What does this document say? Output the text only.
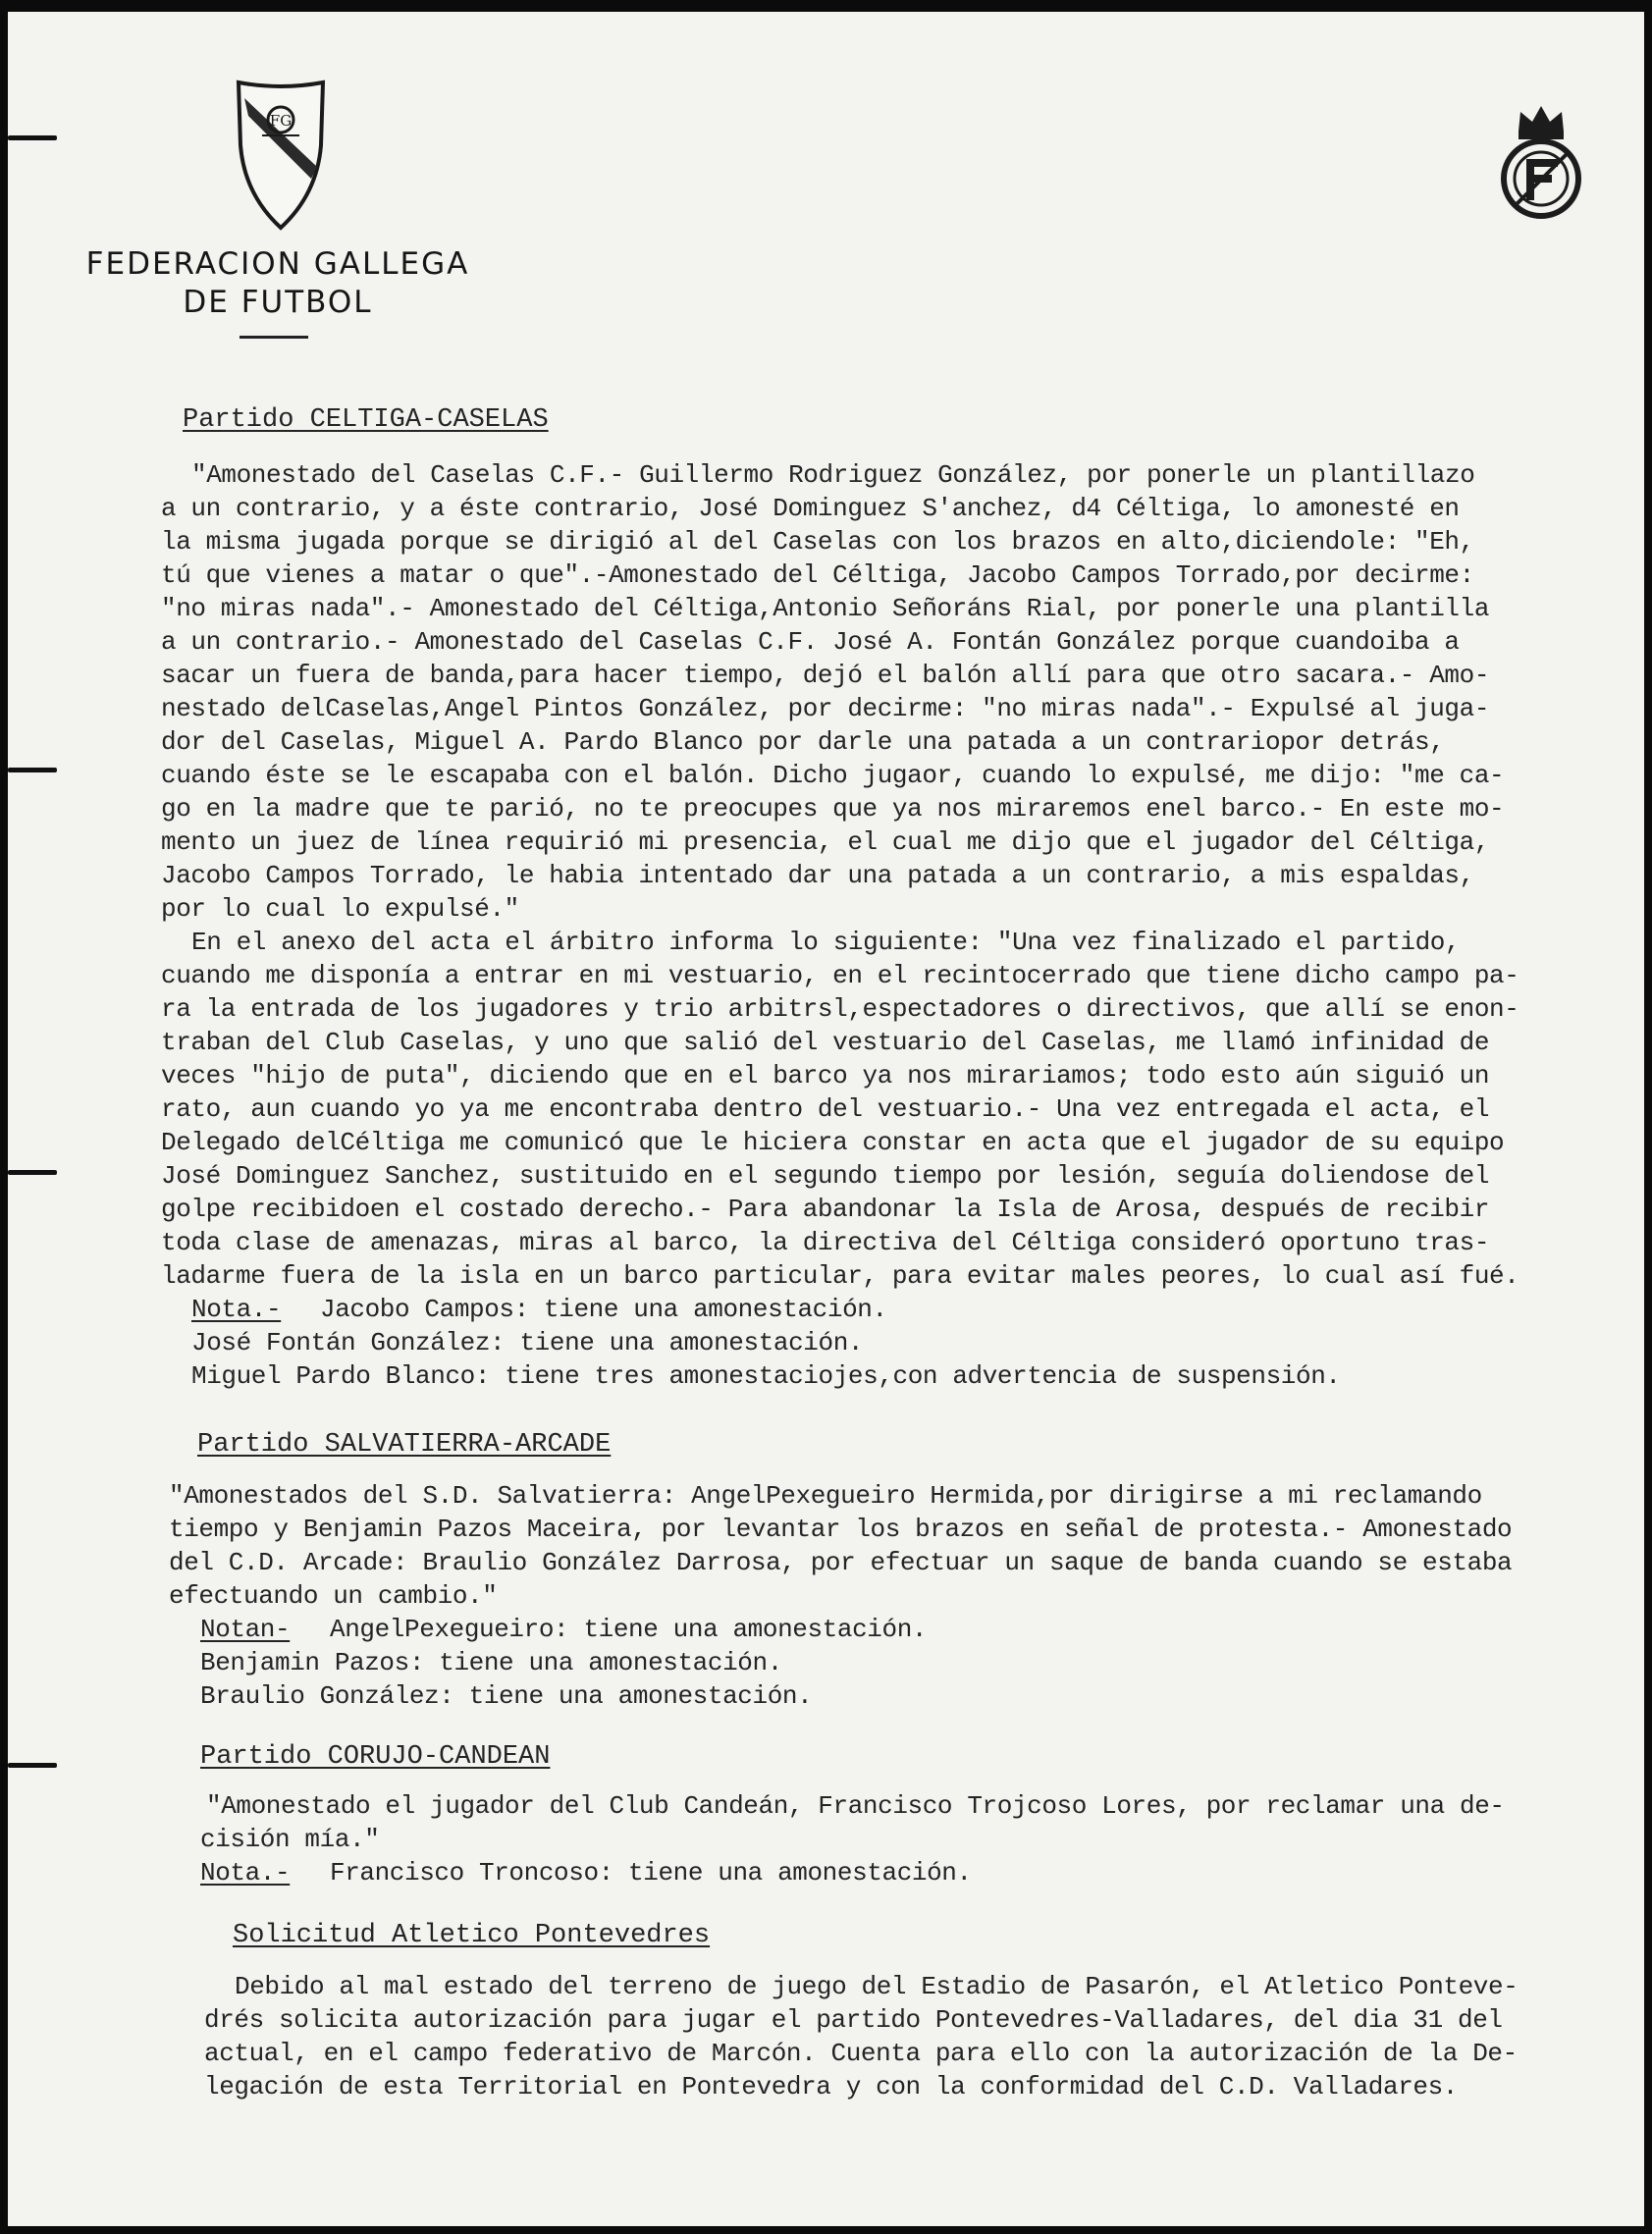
FG
FEDERACION GALLEGA
DE FUTBOL
Partido CELTIGA-CASELAS
"Amonestado del Caselas C.F.- Guillermo Rodriguez González, por ponerle un plantillazo
a un contrario, y a éste contrario, José Dominguez S'anchez, d4 Céltiga, lo amonesté en
la misma jugada porque se dirigió al del Caselas con los brazos en alto,diciendole: "Eh,
tú que vienes a matar o que".-Amonestado del Céltiga, Jacobo Campos Torrado,por decirme:
"no miras nada".- Amonestado del Céltiga,Antonio Señoráns Rial, por ponerle una plantilla
a un contrario.- Amonestado del Caselas C.F. José A. Fontán González porque cuandoiba a
sacar un fuera de banda,para hacer tiempo, dejó el balón allí para que otro sacara.- Amo-
nestado delCaselas,Angel Pintos González, por decirme: "no miras nada".- Expulsé al juga-
dor del Caselas, Miguel A. Pardo Blanco por darle una patada a un contrariopor detrás,
cuando éste se le escapaba con el balón. Dicho jugaor, cuando lo expulsé, me dijo: "me ca-
go en la madre que te parió, no te preocupes que ya nos miraremos enel barco.- En este mo-
mento un juez de línea requirió mi presencia, el cual me dijo que el jugador del Céltiga,
Jacobo Campos Torrado, le habia intentado dar una patada a un contrario, a mis espaldas,
por lo cual lo expulsé."
En el anexo del acta el árbitro informa lo siguiente: "Una vez finalizado el partido,
cuando me disponía a entrar en mi vestuario, en el recintocerrado que tiene dicho campo pa-
ra la entrada de los jugadores y trio arbitrsl,espectadores o directivos, que allí se enon-
traban del Club Caselas, y uno que salió del vestuario del Caselas, me llamó infinidad de
veces "hijo de puta", diciendo que en el barco ya nos mirariamos; todo esto aún siguió un
rato, aun cuando yo ya me encontraba dentro del vestuario.- Una vez entregada el acta, el
Delegado delCéltiga me comunicó que le hiciera constar en acta que el jugador de su equipo
José Dominguez Sanchez, sustituido en el segundo tiempo por lesión, seguía doliendose del
golpe recibidoen el costado derecho.- Para abandonar la Isla de Arosa, después de recibir
toda clase de amenazas, miras al barco, la directiva del Céltiga consideró oportuno tras-
ladarme fuera de la isla en un barco particular, para evitar males peores, lo cual así fué.
Nota.- Jacobo Campos: tiene una amonestación.
José Fontán González: tiene una amonestación.
Miguel Pardo Blanco: tiene tres amonestaciojes,con advertencia de suspensión.
Partido SALVATIERRA-ARCADE
"Amonestados del S.D. Salvatierra: AngelPexegueiro Hermida,por dirigirse a mi reclamando
tiempo y Benjamin Pazos Maceira, por levantar los brazos en señal de protesta.- Amonestado
del C.D. Arcade: Braulio González Darrosa, por efectuar un saque de banda cuando se estaba
efectuando un cambio."
Notan- AngelPexegueiro: tiene una amonestación.
Benjamin Pazos: tiene una amonestación.
Braulio González: tiene una amonestación.
Partido CORUJO-CANDEAN
"Amonestado el jugador del Club Candeán, Francisco Trojcoso Lores, por reclamar una de-
cisión mía."
Nota.- Francisco Troncoso: tiene una amonestación.
Solicitud Atletico Pontevedres
Debido al mal estado del terreno de juego del Estadio de Pasarón, el Atletico Ponteve-
drés solicita autorización para jugar el partido Pontevedres-Valladares, del dia 31 del
actual, en el campo federativo de Marcón. Cuenta para ello con la autorización de la De-
legación de esta Territorial en Pontevedra y con la conformidad del C.D. Valladares.
